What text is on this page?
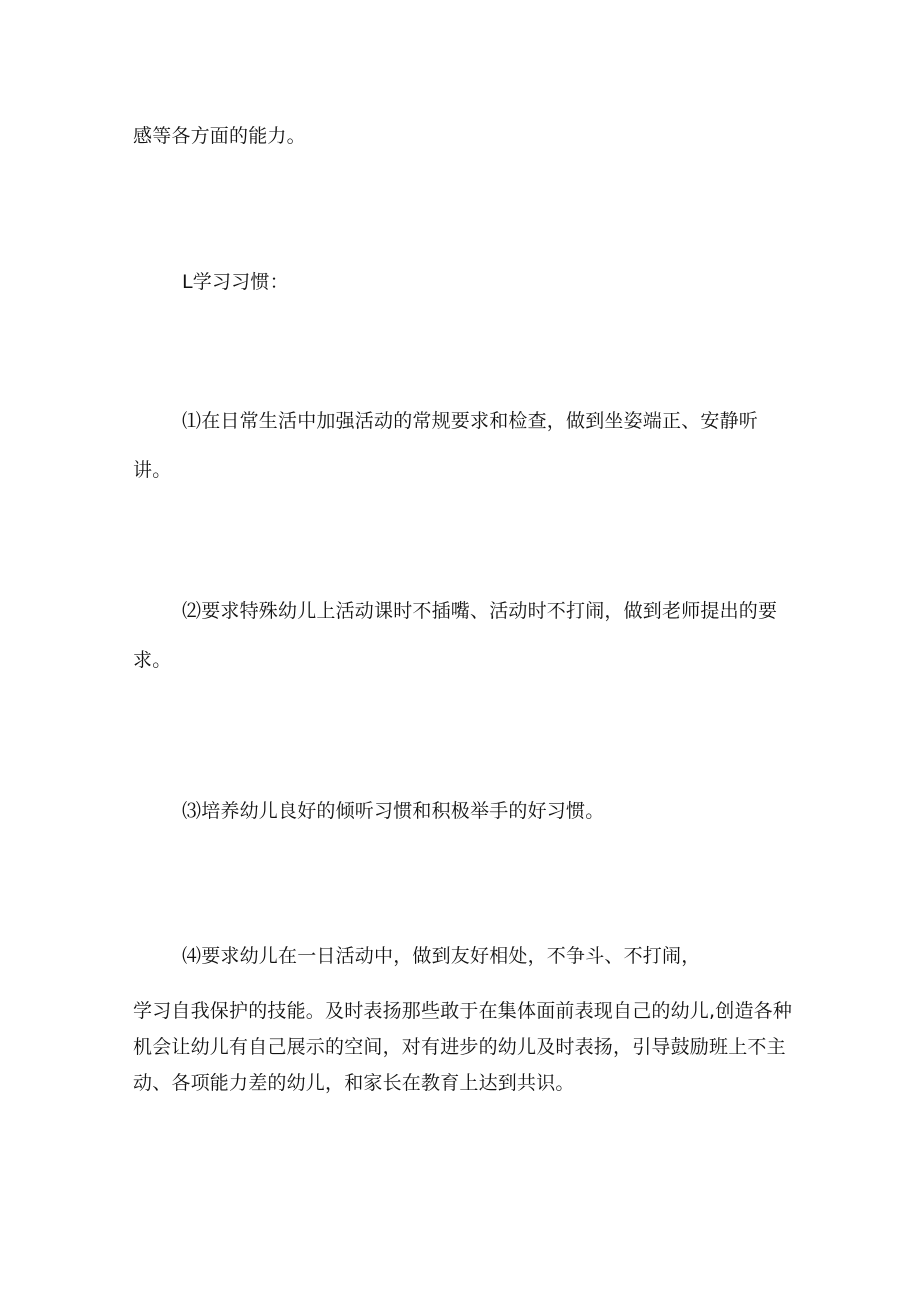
感等各方面的能力。
L学习习惯：
⑴在日常生活中加强活动的常规要求和检查，做到坐姿端正、安静听
讲。
⑵要求特殊幼儿上活动课时不插嘴、活动时不打闹，做到老师提出的要
求。
⑶培养幼儿良好的倾听习惯和积极举手的好习惯。
⑷要求幼儿在一日活动中，做到友好相处，不争斗、不打闹，
学习自我保护的技能。及时表扬那些敢于在集体面前表现自己的幼儿,创造各种
机会让幼儿有自己展示的空间，对有进步的幼儿及时表扬，引导鼓励班上不主
动、各项能力差的幼儿，和家长在教育上达到共识。
